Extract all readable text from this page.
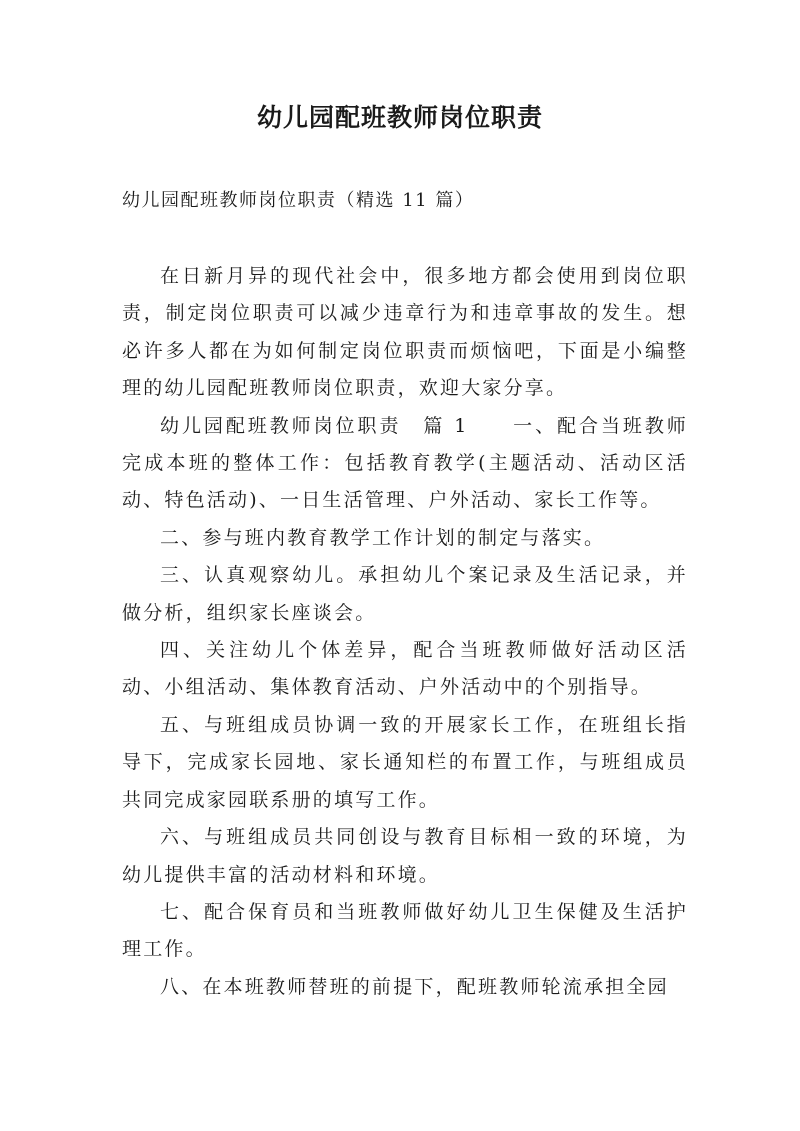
幼儿园配班教师岗位职责
幼儿园配班教师岗位职责（精选 11 篇）

在日新月异的现代社会中，很多地方都会使用到岗位职责，制定岗位职责可以减少违章行为和违章事故的发生。想必许多人都在为如何制定岗位职责而烦恼吧，下面是小编整理的幼儿园配班教师岗位职责，欢迎大家分享。

幼儿园配班教师岗位职责　篇 1　　一、配合当班教师完成本班的整体工作：包括教育教学(主题活动、活动区活动、特色活动)、一日生活管理、户外活动、家长工作等。

二、参与班内教育教学工作计划的制定与落实。

三、认真观察幼儿。承担幼儿个案记录及生活记录，并做分析，组织家长座谈会。

四、关注幼儿个体差异，配合当班教师做好活动区活动、小组活动、集体教育活动、户外活动中的个别指导。

五、与班组成员协调一致的开展家长工作，在班组长指导下，完成家长园地、家长通知栏的布置工作，与班组成员共同完成家园联系册的填写工作。

六、与班组成员共同创设与教育目标相一致的环境，为幼儿提供丰富的活动材料和环境。

七、配合保育员和当班教师做好幼儿卫生保健及生活护理工作。

八、在本班教师替班的前提下，配班教师轮流承担全园
